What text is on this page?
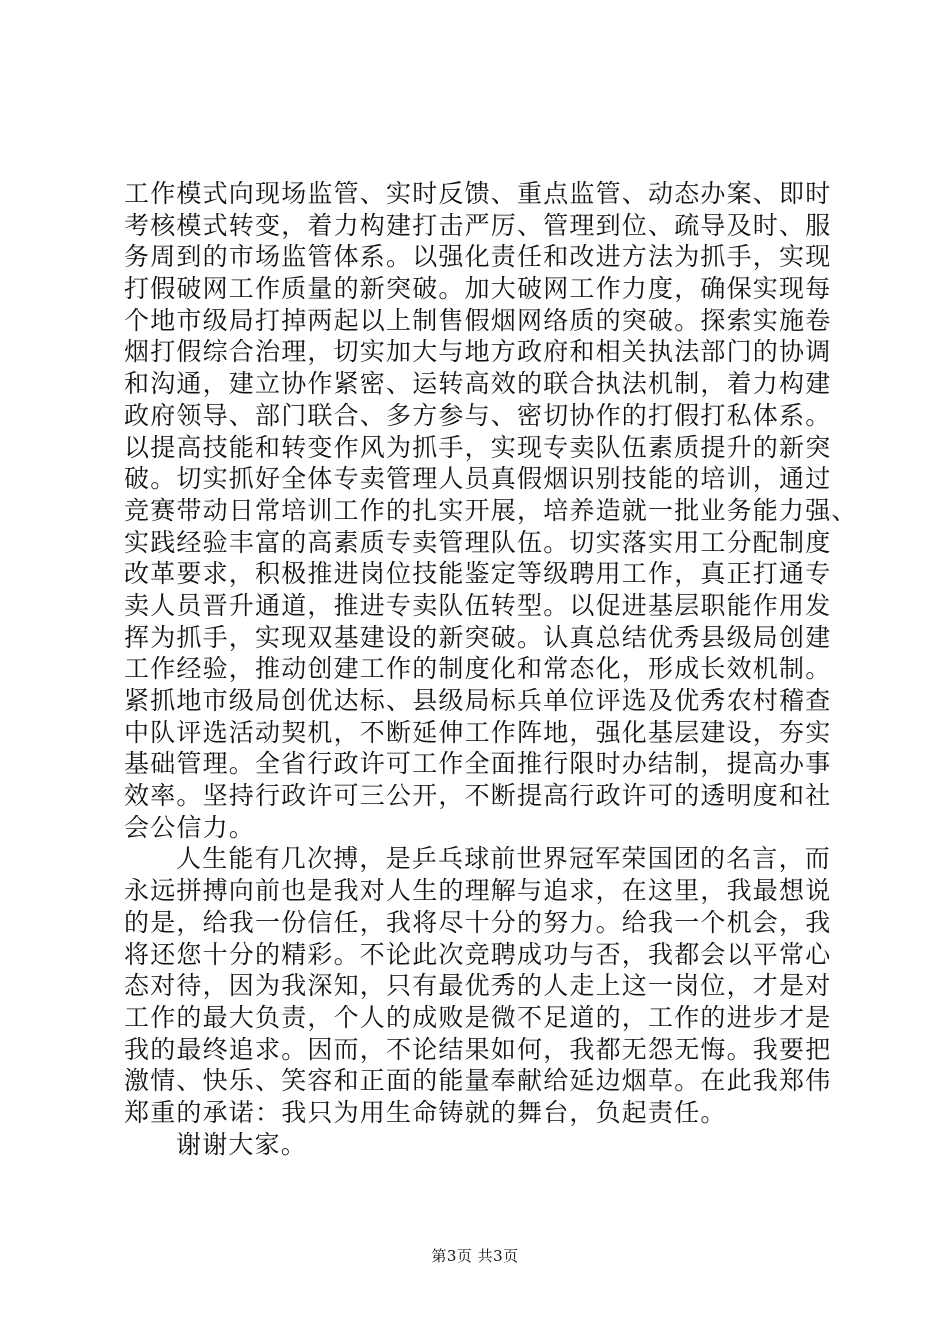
工作模式向现场监管、实时反馈、重点监管、动态办案、即时
考核模式转变，着力构建打击严厉、管理到位、疏导及时、服
务周到的市场监管体系。以强化责任和改进方法为抓手，实现
打假破网工作质量的新突破。加大破网工作力度，确保实现每
个地市级局打掉两起以上制售假烟网络质的突破。探索实施卷
烟打假综合治理，切实加大与地方政府和相关执法部门的协调
和沟通，建立协作紧密、运转高效的联合执法机制，着力构建
政府领导、部门联合、多方参与、密切协作的打假打私体系。
以提高技能和转变作风为抓手，实现专卖队伍素质提升的新突
破。切实抓好全体专卖管理人员真假烟识别技能的培训，通过
竞赛带动日常培训工作的扎实开展，培养造就一批业务能力强、
实践经验丰富的高素质专卖管理队伍。切实落实用工分配制度
改革要求，积极推进岗位技能鉴定等级聘用工作，真正打通专
卖人员晋升通道，推进专卖队伍转型。以促进基层职能作用发
挥为抓手，实现双基建设的新突破。认真总结优秀县级局创建
工作经验，推动创建工作的制度化和常态化，形成长效机制。
紧抓地市级局创优达标、县级局标兵单位评选及优秀农村稽查
中队评选活动契机，不断延伸工作阵地，强化基层建设，夯实
基础管理。全省行政许可工作全面推行限时办结制，提高办事
效率。坚持行政许可三公开，不断提高行政许可的透明度和社
会公信力。
人生能有几次搏，是乒乓球前世界冠军荣国团的名言，而
永远拼搏向前也是我对人生的理解与追求，在这里，我最想说
的是，给我一份信任，我将尽十分的努力。给我一个机会，我
将还您十分的精彩。不论此次竞聘成功与否，我都会以平常心
态对待，因为我深知，只有最优秀的人走上这一岗位，才是对
工作的最大负责，个人的成败是微不足道的，工作的进步才是
我的最终追求。因而，不论结果如何，我都无怨无悔。我要把
激情、快乐、笑容和正面的能量奉献给延边烟草。在此我郑伟
郑重的承诺：我只为用生命铸就的舞台，负起责任。
谢谢大家。
第3页 共3页
